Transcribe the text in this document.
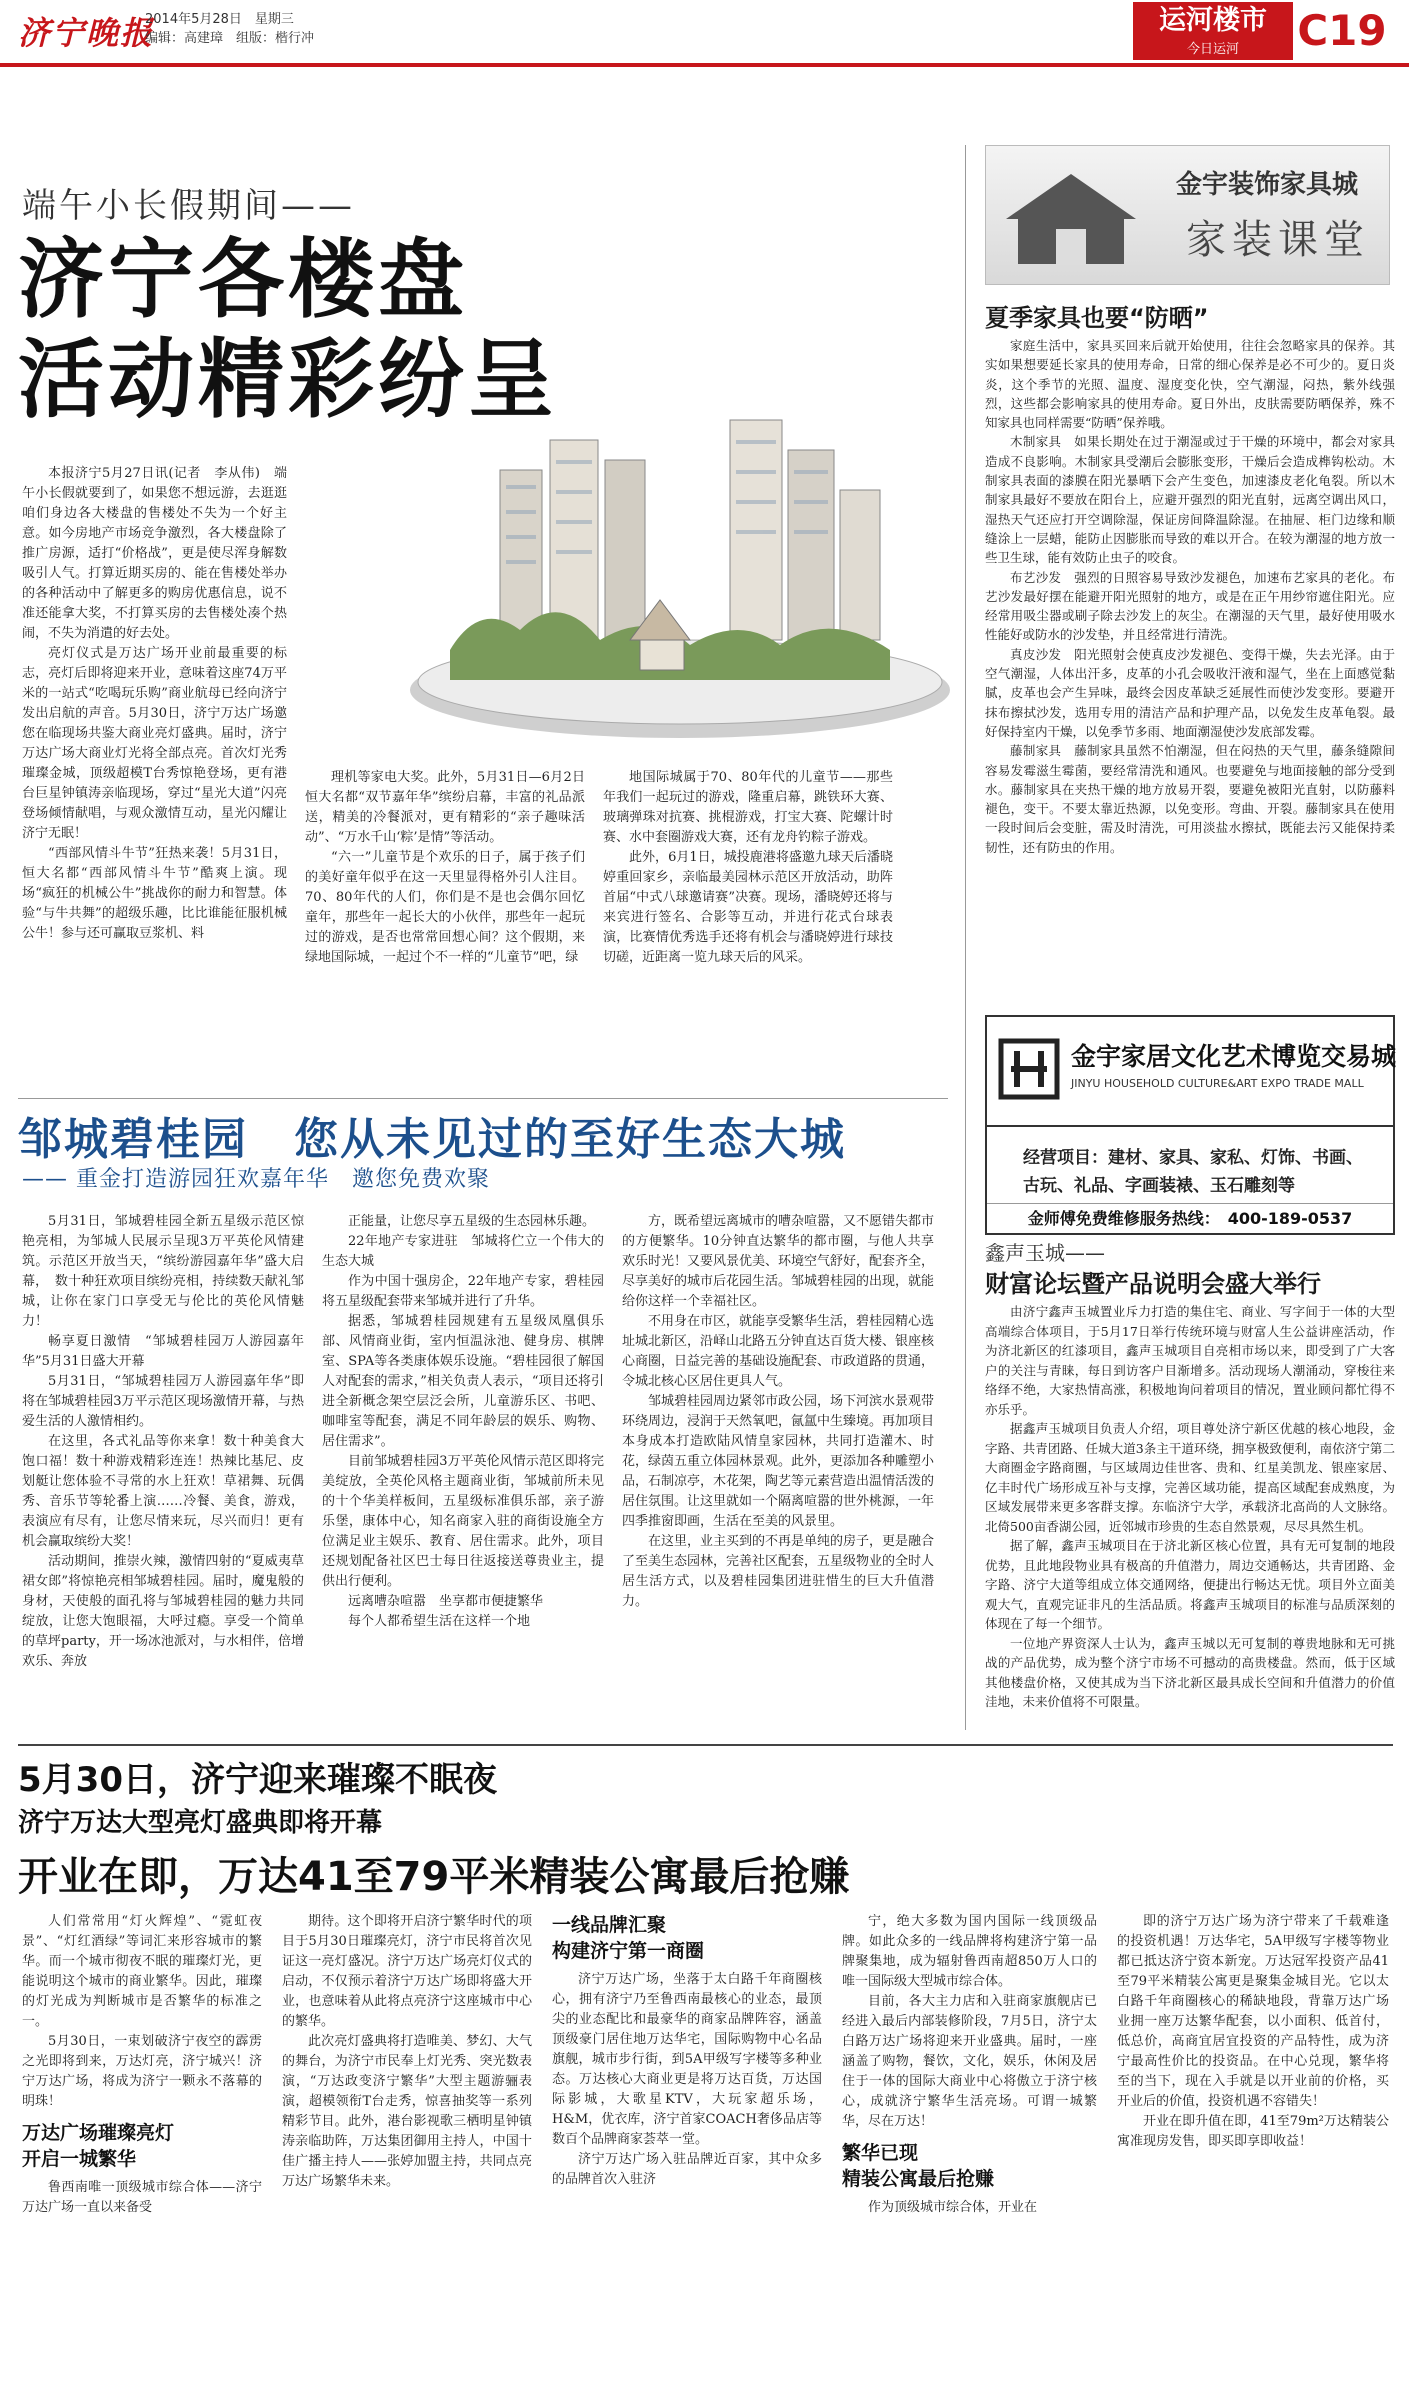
济宁晚报
2014年5月28日　星期三
编辑：高建璋　组版：楷行冲
运河楼市
今日运河	C19
端午小长假期间——
济宁各楼盘
活动精彩纷呈

本报济宁5月27日讯(记者　李从伟)　端午小长假就要到了，如果您不想远游，去逛逛咱们身边各大楼盘的售楼处不失为一个好主意。如今房地产市场竞争激烈，各大楼盘除了推广房源，适打“价格战”，更是使尽浑身解数吸引人气。打算近期买房的、能在售楼处举办的各种活动中了解更多的购房优惠信息，说不准还能拿大奖，不打算买房的去售楼处凑个热闹，不失为消遣的好去处。

亮灯仪式是万达广场开业前最重要的标志，亮灯后即将迎来开业，意味着这座74万平米的一站式“吃喝玩乐购”商业航母已经向济宁发出启航的声音。5月30日，济宁万达广场邀您在临现场共鉴大商业亮灯盛典。届时，济宁万达广场大商业灯光将全部点亮。首次灯光秀璀璨金城，顶级超模T台秀惊艳登场，更有港台巨星钟镇涛亲临现场，穿过“星光大道”闪亮登场倾情献唱，与观众激情互动，星光闪耀让济宁无眠！

“西部风情斗牛节”狂热来袭！5月31日，恒大名都“西部风情斗牛节”酷爽上演。现场“疯狂的机械公牛”挑战你的耐力和智慧。体验“与牛共舞”的超级乐趣，比比谁能征服机械公牛！参与还可赢取豆浆机、料

理机等家电大奖。此外，5月31日—6月2日恒大名都“双节嘉年华”缤纷启幕，丰富的礼品派送，精美的冷餐派对，更有精彩的“亲子趣味活动”、“万水千山‘粽’是情”等活动。

“六一”儿童节是个欢乐的日子，属于孩子们的美好童年似乎在这一天里显得格外引人注目。70、80年代的人们，你们是不是也会偶尔回忆童年，那些年一起长大的小伙伴，那些年一起玩过的游戏，是否也常常回想心间？这个假期，来绿地国际城，一起过个不一样的“儿童节”吧，绿

地国际城属于70、80年代的儿童节——那些年我们一起玩过的游戏，隆重启幕，跳铁环大赛、玻璃弹珠对抗赛、挑棍游戏，打宝大赛、陀螺计时赛、水中套圈游戏大赛，还有龙舟钓粽子游戏。

此外，6月1日，城投鹿港将盛邀九球天后潘晓婷重回家乡，亲临最美园林示范区开放活动，助阵首届“中式八球邀请赛”决赛。现场，潘晓婷还将与来宾进行签名、合影等互动，并进行花式台球表演，比赛情优秀选手还将有机会与潘晓婷进行球技切磋，近距离一览九球天后的风采。

金宇装饰家具城
家装课堂
夏季家具也要“防晒”

家庭生活中，家具买回来后就开始使用，往往会忽略家具的保养。其实如果想要延长家具的使用寿命，日常的细心保养是必不可少的。夏日炎炎，这个季节的光照、温度、湿度变化快，空气潮湿，闷热，紫外线强烈，这些都会影响家具的使用寿命。夏日外出，皮肤需要防晒保养，殊不知家具也同样需要“防晒”保养哦。

木制家具　如果长期处在过于潮湿或过于干燥的环境中，都会对家具造成不良影响。木制家具受潮后会膨胀变形，干燥后会造成榫钩松动。木制家具表面的漆膜在阳光暴晒下会产生变色，加速漆皮老化龟裂。所以木制家具最好不要放在阳台上，应避开强烈的阳光直射，远离空调出风口，湿热天气还应打开空调除湿，保证房间降温除湿。在抽屉、柜门边缘和顺缝涂上一层蜡，能防止因膨胀而导致的难以开合。在较为潮湿的地方放一些卫生球，能有效防止虫子的咬食。

布艺沙发　强烈的日照容易导致沙发褪色，加速布艺家具的老化。布艺沙发最好摆在能避开阳光照射的地方，或是在正午用纱帘遮住阳光。应经常用吸尘器或刷子除去沙发上的灰尘。在潮湿的天气里，最好使用吸水性能好或防水的沙发垫，并且经常进行清洗。

真皮沙发　阳光照射会使真皮沙发褪色、变得干燥，失去光泽。由于空气潮湿，人体出汗多，皮革的小孔会吸收汗液和湿气，坐在上面感觉黏腻，皮革也会产生异味，最终会因皮革缺乏延展性而使沙发变形。要避开抹布擦拭沙发，选用专用的清洁产品和护理产品，以免发生皮革龟裂。最好保持室内干燥，以免季节多雨、地面潮湿使沙发底部发霉。

藤制家具　藤制家具虽然不怕潮湿，但在闷热的天气里，藤条缝隙间容易发霉滋生霉菌，要经常清洗和通风。也要避免与地面接触的部分受到水。藤制家具在夹热干燥的地方放易开裂，要避免被阳光直射，以防藤料褪色，变干。不要太靠近热源，以免变形。弯曲、开裂。藤制家具在使用一段时间后会变脏，需及时清洗，可用淡盐水擦拭，既能去污又能保持柔韧性，还有防虫的作用。

金宇家居文化艺术博览交易城
JINYU HOUSEHOLD CULTURE&ART EXPO TRADE MALL
经营项目：建材、家具、家私、灯饰、书画、
古玩、礼品、字画装裱、玉石雕刻等
金师傅免费维修服务热线：　400-189-0537
鑫声玉城——
财富论坛暨产品说明会盛大举行

由济宁鑫声玉城置业斥力打造的集住宅、商业、写字间于一体的大型高端综合体项目，于5月17日举行传统环境与财富人生公益讲座活动，作为济北新区的红漆项目，鑫声玉城项目自亮相市场以来，即受到了广大客户的关注与青睐，每日到访客户目渐增多。活动现场人潮涌动，穿梭往来络绎不绝，大家热情高涨，积极地询问着项目的情况，置业顾问都忙得不亦乐乎。

据鑫声玉城项目负责人介绍，项目尊处济宁新区优越的核心地段，金字路、共青团路、任城大道3条主干道环绕，拥享极致便利，南依济宁第二大商圈金字路商圈，与区域周边佳世客、贵和、红星美凯龙、银座家居、亿丰时代广场形成互补与支撑，完善区域功能，提高区域配套成熟度，为区域发展带来更多客群支撑。东临济宁大学，承载济北高尚的人文脉络。北倚500亩香湖公园，近邻城市珍贵的生态自然景观，尽尽具然生机。

据了解，鑫声玉城项目在于济北新区核心位置，具有无可复制的地段优势，且此地段物业具有极高的升值潜力，周边交通畅达，共青团路、金字路、济宁大道等组成立体交通网络，便捷出行畅达无忧。项目外立面美观大气，直观完证非凡的生活品质。将鑫声玉城项目的标准与品质深刻的体现在了每一个细节。

一位地产界资深人士认为，鑫声玉城以无可复制的尊贵地脉和无可挑战的产品优势，成为整个济宁市场不可撼动的高贵楼盘。然而，低于区域其他楼盘价格，又使其成为当下济北新区最具成长空间和升值潜力的价值洼地，未来价值将不可限量。

邹城碧桂园　您从未见过的至好生态大城
—— 重金打造游园狂欢嘉年华　邀您免费欢聚

5月31日，邹城碧桂园全新五星级示范区惊艳亮相，为邹城人民展示呈现3万平英伦风情建筑。示范区开放当天，“缤纷游园嘉年华”盛大启幕，　数十种狂欢项目缤纷亮相，持续数天献礼邹城，让你在家门口享受无与伦比的英伦风情魅力！

畅享夏日激情　“邹城碧桂园万人游园嘉年华”5月31日盛大开幕

5月31日，“邹城碧桂园万人游园嘉年华”即将在邹城碧桂园3万平示范区现场激情开幕，与热爱生活的人激情相约。

在这里，各式礼品等你来拿！数十种美食大饱口福！数十种游戏精彩连连！热辣比基尼、皮划艇让您体验不寻常的水上狂欢！草裙舞、玩偶秀、音乐节等轮番上演……冷餐、美食，游戏，表演应有尽有，让您尽情来玩，尽兴而归！更有机会赢取缤纷大奖！

活动期间，推崇火辣，激情四射的“夏威夷草裙女郎”将惊艳亮相邹城碧桂园。届时，魔鬼般的身材，天使般的面孔将与邹城碧桂园的魅力共同绽放，让您大饱眼福，大呼过瘾。享受一个简单的草坪party，开一场冰池派对，与水相伴，倍增欢乐、奔放

正能量，让您尽享五星级的生态园林乐趣。

22年地产专家进驻　邹城将伫立一个伟大的生态大城

作为中国十强房企，22年地产专家，碧桂园将五星级配套带来邹城并进行了升华。

据悉，邹城碧桂园规建有五星级凤凰俱乐部、风情商业街，室内恒温泳池、健身房、棋牌室、SPA等各类康体娱乐设施。“碧桂园很了解国人对配套的需求，”相关负责人表示，“项目还将引进全新概念架空层泛会所，儿童游乐区、书吧、咖啡室等配套，满足不同年龄层的娱乐、购物、居住需求”。

目前邹城碧桂园3万平英伦风情示范区即将完美绽放，全英伦风格主题商业街，邹城前所未见的十个华美样板间，五星级标准俱乐部，亲子游乐堡，康体中心，知名商家入驻的商街设施全方位满足业主娱乐、教育、居住需求。此外，项目还规划配备社区巴士每日往返接送尊贵业主，提供出行便利。

远离嘈杂喧嚣　坐享都市便捷繁华

每个人都希望生活在这样一个地

方，既希望远离城市的嘈杂喧嚣，又不愿错失都市的方便繁华。10分钟直达繁华的都市圈，与他人共享欢乐时光！又要风景优美、环境空气舒好，配套齐全，尽享美好的城市后花园生活。邹城碧桂园的出现，就能给你这样一个幸福社区。

不用身在市区，就能享受繁华生活，碧桂园精心选址城北新区，沿峄山北路五分钟直达百货大楼、银座核心商圈，日益完善的基础设施配套、市政道路的贯通，令城北核心区居住更具人气。

邹城碧桂园周边紧邻市政公园，场下河滨水景观带环绕周边，浸润于天然氧吧，氤氲中生臻境。再加项目本身成本打造欧陆风情皇家园林，共同打造灌木、时花，绿茵五重立体园林景观。此外，更添加各种雕塑小品，石制凉亭，木花架，陶艺等元素营造出温情活泼的居住氛围。让这里就如一个隔离喧嚣的世外桃源，一年四季推窗即画，生活在至美的风景里。

在这里，业主买到的不再是单纯的房子，更是融合了至美生态园林，完善社区配套，五星级物业的全时人居生活方式，以及碧桂园集团进驻惜生的巨大升值潜力。

5月30日，济宁迎来璀璨不眠夜
济宁万达大型亮灯盛典即将开幕
开业在即，万达41至79平米精装公寓最后抢赚

人们常常用“灯火辉煌”、“霓虹夜景”、“灯红酒绿”等词汇来形容城市的繁华。而一个城市彻夜不眠的璀璨灯光，更能说明这个城市的商业繁华。因此，璀璨的灯光成为判断城市是否繁华的标准之一。

5月30日，一束划破济宁夜空的霹雳之光即将到来，万达灯亮，济宁城兴！济宁万达广场，将成为济宁一颗永不落幕的明珠！

万达广场璀璨亮灯
开启一城繁华

鲁西南唯一顶级城市综合体——济宁万达广场一直以来备受

期待。这个即将开启济宁繁华时代的项目于5月30日璀璨亮灯，济宁市民将首次见证这一亮灯盛况。济宁万达广场亮灯仪式的启动，不仅预示着济宁万达广场即将盛大开业，也意味着从此将点亮济宁这座城市中心的繁华。

此次亮灯盛典将打造唯美、梦幻、大气的舞台，为济宁市民奉上灯光秀、突光数表演，“万达政变济宁繁华”大型主题游骊表演，超模领衔T台走秀，惊喜抽奖等一系列精彩节目。此外，港台影视歌三栖明星钟镇涛亲临助阵，万达集团御用主持人，中国十佳广播主持人——张婷加盟主持，共同点亮万达广场繁华未来。

一线品牌汇聚
构建济宁第一商圈

济宁万达广场，坐落于太白路千年商圈核心，拥有济宁乃至鲁西南最核心的业态，最顶尖的业态配比和最豪华的商家品牌阵容，涵盖顶级豪门居住地万达华宅，国际购物中心名品旗舰，城市步行街，到5A甲级写字楼等多种业态。万达核心大商业更是将万达百货，万达国际影城，大歌星KTV，大玩家超乐场，H&M，优衣库，济宁首家COACH奢侈品店等数百个品牌商家荟萃一堂。

济宁万达广场入驻品牌近百家，其中众多的品牌首次入驻济

宁，绝大多数为国内国际一线顶级品牌。如此众多的一线品牌将构建济宁第一品牌聚集地，成为辐射鲁西南超850万人口的唯一国际级大型城市综合体。

目前，各大主力店和入驻商家旗舰店已经进入最后内部装修阶段，7月5日，济宁太白路万达广场将迎来开业盛典。届时，一座涵盖了购物，餐饮，文化，娱乐，休闲及居住于一体的国际大商业中心将傲立于济宁核心，成就济宁繁华生活亮场。可谓一城繁华，尽在万达！

繁华已现
精装公寓最后抢赚

作为顶级城市综合体，开业在

即的济宁万达广场为济宁带来了千载难逢的投资机遇！万达华宅，5A甲级写字楼等物业都已抵达济宁资本新宠。万达冠军投资产品41至79平米精装公寓更是聚集金城目光。它以太白路千年商圈核心的稀缺地段，背靠万达广场业拥一座万达繁华配套，以小面积、低首付，低总价，高商宜居宜投资的产品特性，成为济宁最高性价比的投资品。在中心兑现，繁华将至的当下，现在入手就是以开业前的价格，买开业后的价值，投资机遇不容错失！

开业在即升值在即，41至79m²万达精装公寓准现房发售，即买即享即收益！
